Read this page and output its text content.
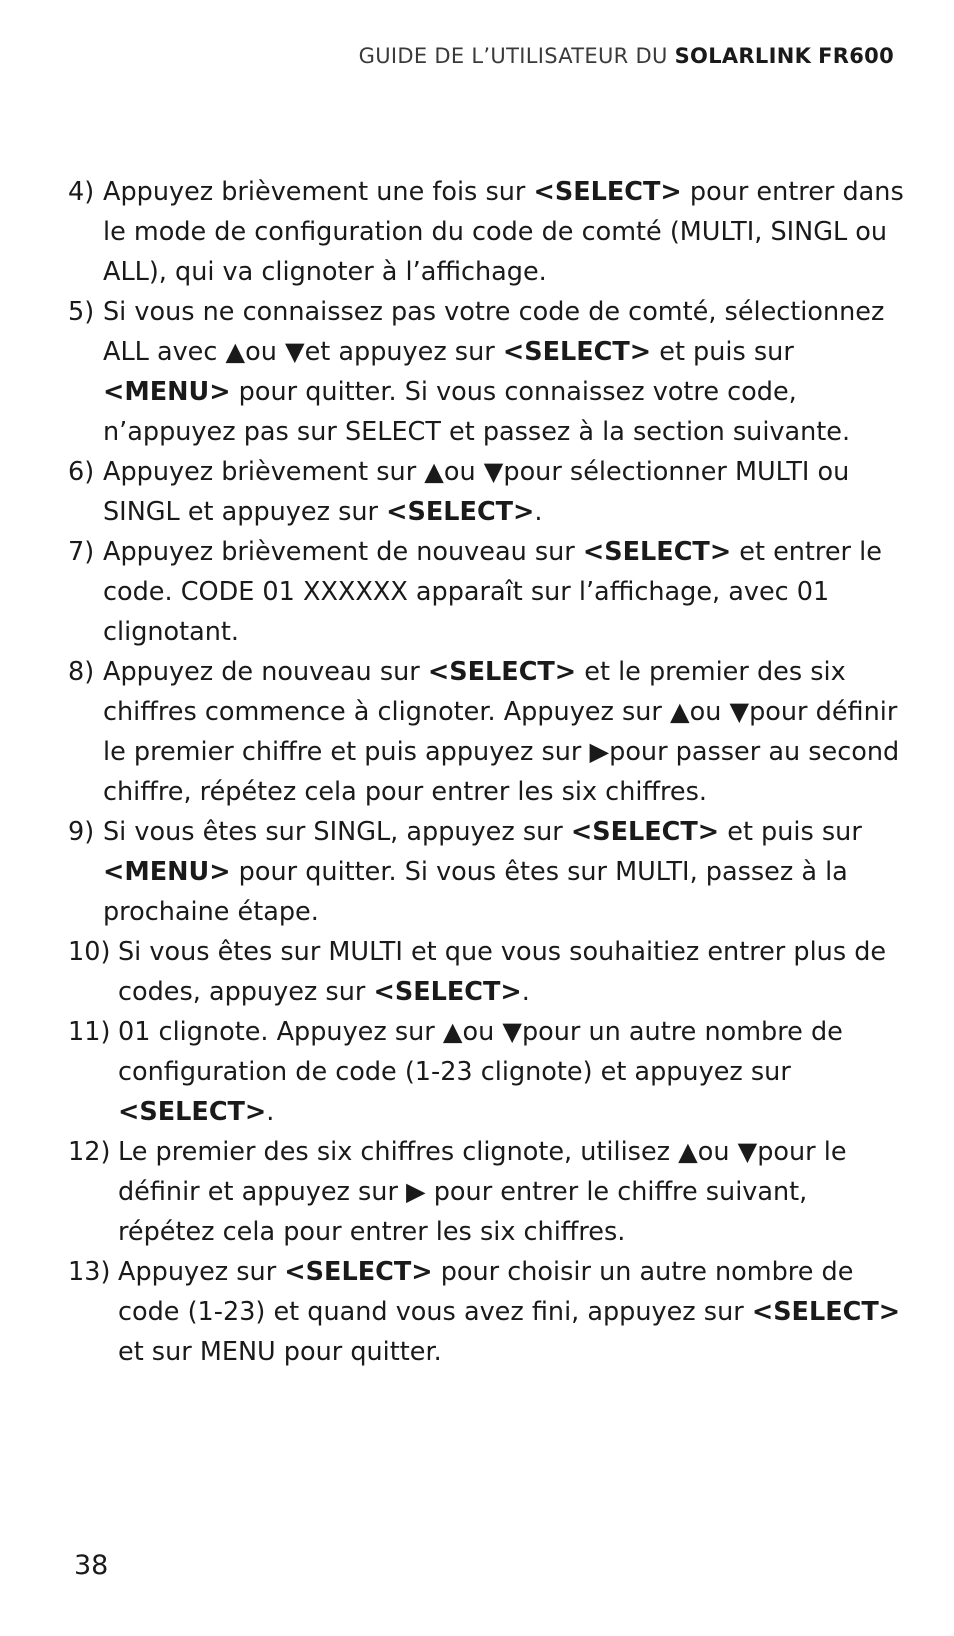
GUIDE DE L’UTILISATEUR DU SOLARLINK FR600
4) Appuyez brièvement une fois sur <SELECT> pour entrer dans le mode de configuration du code de comté (MULTI, SINGL ou ALL), qui va clignoter à l’affichage.
5) Si vous ne connaissez pas votre code de comté, sélectionnez ALL avec ▲ou ▼et appuyez sur <SELECT> et puis sur <MENU> pour quitter. Si vous connaissez votre code, n’appuyez pas sur SELECT et passez à la section suivante.
6) Appuyez brièvement sur ▲ou ▼pour sélectionner MULTI ou SINGL et appuyez sur <SELECT>.
7) Appuyez brièvement de nouveau sur <SELECT> et entrer le code. CODE 01 XXXXXX apparaît sur l’affichage, avec 01 clignotant.
8) Appuyez de nouveau sur <SELECT> et le premier des six chiffres commence à clignoter. Appuyez sur ▲ou ▼pour définir le premier chiffre et puis appuyez sur ▶pour passer au second chiffre, répétez cela pour entrer les six chiffres.
9) Si vous êtes sur SINGL, appuyez sur <SELECT> et puis sur <MENU> pour quitter. Si vous êtes sur MULTI, passez à la prochaine étape.
10) Si vous êtes sur MULTI et que vous souhaitiez entrer plus de codes, appuyez sur <SELECT>.
11) 01 clignote. Appuyez sur ▲ou ▼pour un autre nombre de configuration de code (1-23 clignote) et appuyez sur <SELECT>.
12) Le premier des six chiffres clignote, utilisez ▲ou ▼pour le définir et appuyez sur ▶ pour entrer le chiffre suivant, répétez cela pour entrer les six chiffres.
13) Appuyez sur <SELECT> pour choisir un autre nombre de code (1-23) et quand vous avez fini, appuyez sur <SELECT> et sur MENU pour quitter.
38
